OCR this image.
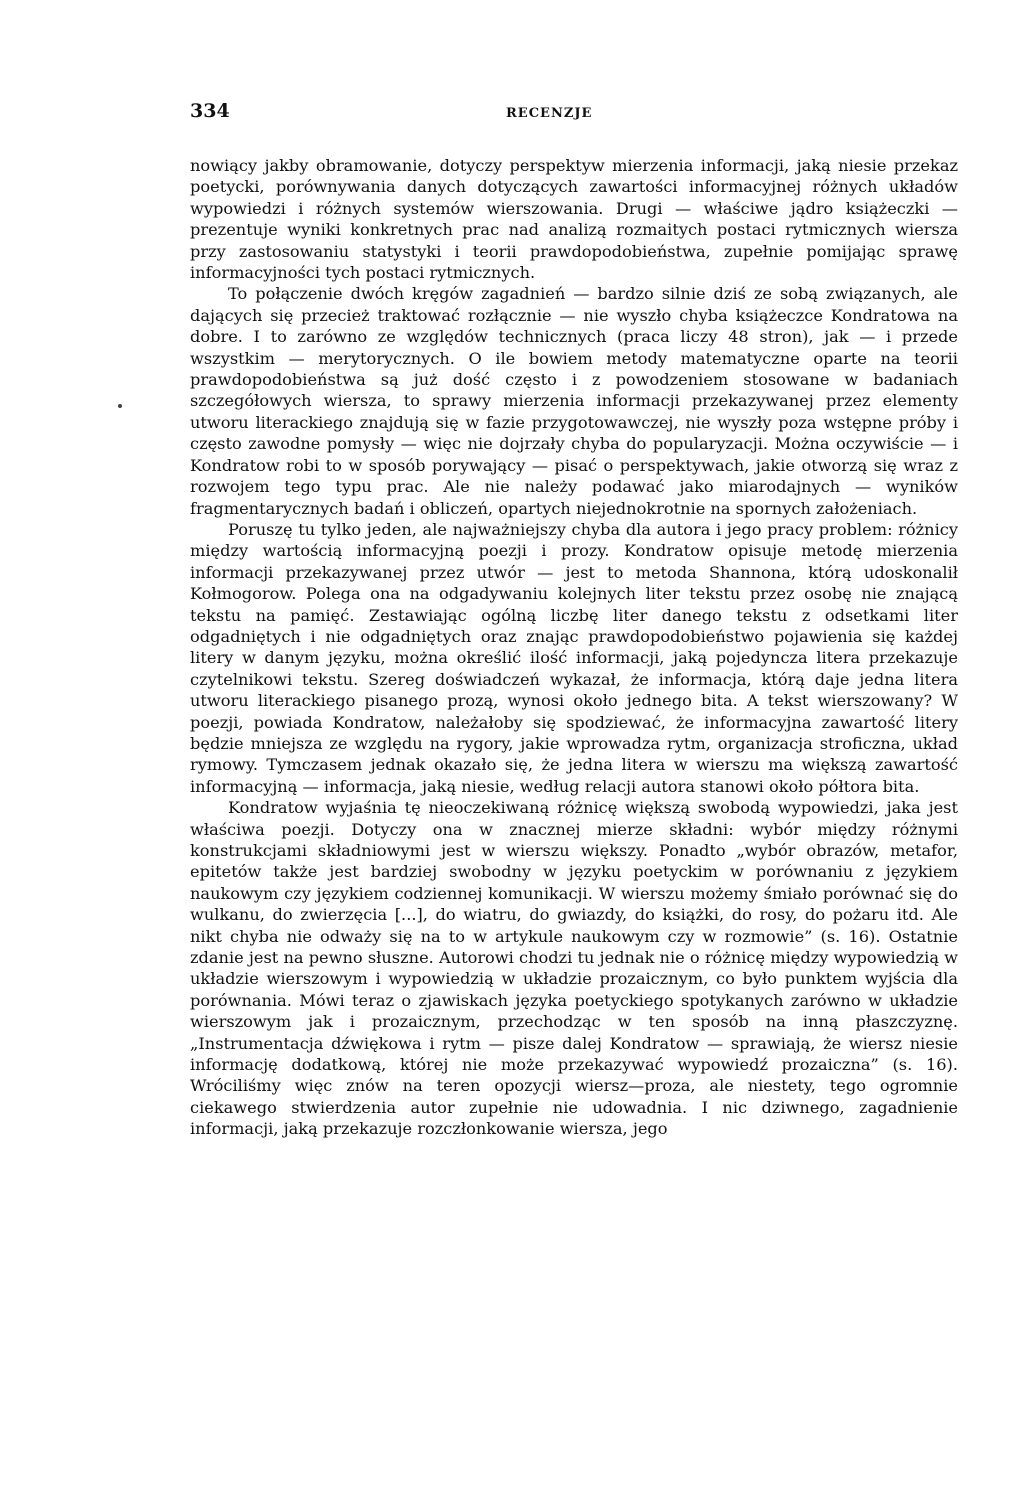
334	RECENZJE

nowiący jakby obramowanie, dotyczy perspektyw mierzenia informacji, jaką niesie przekaz poetycki, porównywania danych dotyczących zawartości informacyjnej różnych układów wypowiedzi i różnych systemów wierszowania. Drugi — właściwe jądro książeczki — prezentuje wyniki konkretnych prac nad analizą rozmaitych postaci rytmicznych wiersza przy zastosowaniu statystyki i teorii prawdopodobieństwa, zupełnie pomijając sprawę informacyjności tych postaci rytmicznych.

To połączenie dwóch kręgów zagadnień — bardzo silnie dziś ze sobą związanych, ale dających się przecież traktować rozłącznie — nie wyszło chyba książeczce Kondratowa na dobre. I to zarówno ze względów technicznych (praca liczy 48 stron), jak — i przede wszystkim — merytorycznych. O ile bowiem metody matematyczne oparte na teorii prawdopodobieństwa są już dość często i z powodzeniem stosowane w badaniach szczegółowych wiersza, to sprawy mierzenia informacji przekazywanej przez elementy utworu literackiego znajdują się w fazie przygotowawczej, nie wyszły poza wstępne próby i często zawodne pomysły — więc nie dojrzały chyba do popularyzacji. Można oczywiście — i Kondratow robi to w sposób porywający — pisać o perspektywach, jakie otworzą się wraz z rozwojem tego typu prac. Ale nie należy podawać jako miarodajnych — wyników fragmentarycznych badań i obliczeń, opartych niejednokrotnie na spornych założeniach.

Poruszę tu tylko jeden, ale najważniejszy chyba dla autora i jego pracy problem: różnicy między wartością informacyjną poezji i prozy. Kondratow opisuje metodę mierzenia informacji przekazywanej przez utwór — jest to metoda Shannona, którą udoskonalił Kołmogorow. Polega ona na odgadywaniu kolejnych liter tekstu przez osobę nie znającą tekstu na pamięć. Zestawiając ogólną liczbę liter danego tekstu z odsetkami liter odgadniętych i nie odgadniętych oraz znając prawdopodobieństwo pojawienia się każdej litery w danym języku, można określić ilość informacji, jaką pojedyncza litera przekazuje czytelnikowi tekstu. Szereg doświadczeń wykazał, że informacja, którą daje jedna litera utworu literackiego pisanego prozą, wynosi około jednego bita. A tekst wierszowany? W poezji, powiada Kondratow, należałoby się spodziewać, że informacyjna zawartość litery będzie mniejsza ze względu na rygory, jakie wprowadza rytm, organizacja stroficzna, układ rymowy. Tymczasem jednak okazało się, że jedna litera w wierszu ma większą zawartość informacyjną — informacja, jaką niesie, według relacji autora stanowi około półtora bita.

Kondratow wyjaśnia tę nieoczekiwaną różnicę większą swobodą wypowiedzi, jaka jest właściwa poezji. Dotyczy ona w znacznej mierze składni: wybór między różnymi konstrukcjami składniowymi jest w wierszu większy. Ponadto „wybór obrazów, metafor, epitetów także jest bardziej swobodny w języku poetyckim w porównaniu z językiem naukowym czy językiem codziennej komunikacji. W wierszu możemy śmiało porównać się do wulkanu, do zwierzęcia [...], do wiatru, do gwiazdy, do książki, do rosy, do pożaru itd. Ale nikt chyba nie odważy się na to w artykule naukowym czy w rozmowie” (s. 16). Ostatnie zdanie jest na pewno słuszne. Autorowi chodzi tu jednak nie o różnicę między wypowiedzią w układzie wierszowym i wypowiedzią w układzie prozaicznym, co było punktem wyjścia dla porównania. Mówi teraz o zjawiskach języka poetyckiego spotykanych zarówno w układzie wierszowym jak i prozaicznym, przechodząc w ten sposób na inną płaszczyznę. „Instrumentacja dźwiękowa i rytm — pisze dalej Kondratow — sprawiają, że wiersz niesie informację dodatkową, której nie może przekazywać wypowiedź prozaiczna” (s. 16). Wróciliśmy więc znów na teren opozycji wiersz—proza, ale niestety, tego ogromnie ciekawego stwierdzenia autor zupełnie nie udowadnia. I nic dziwnego, zagadnienie informacji, jaką przekazuje rozczłonkowanie wiersza, jego
